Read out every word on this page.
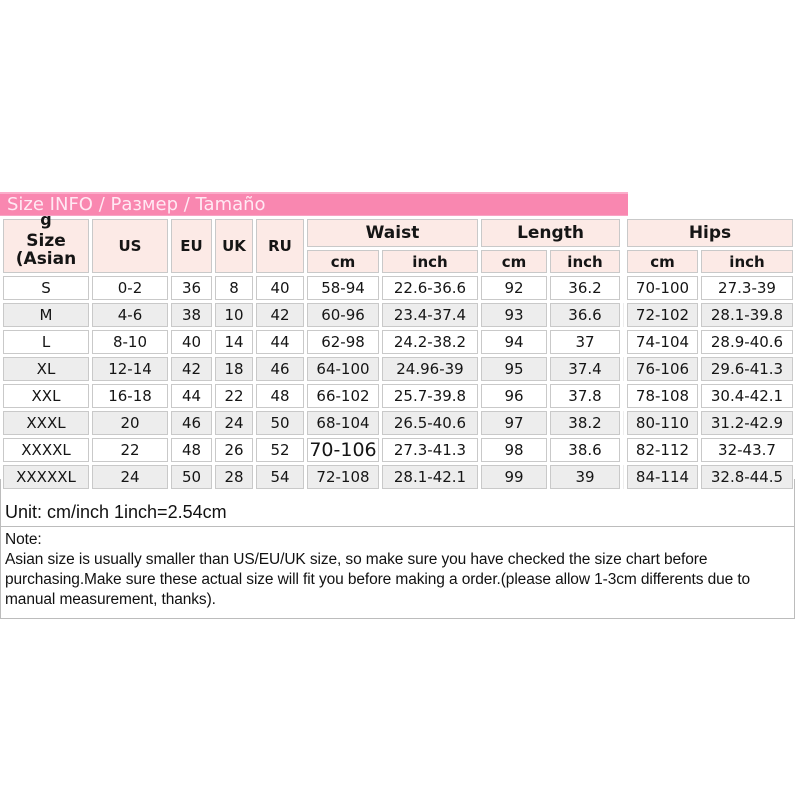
Size INFO / Размер / Tamaño
g
Size
(Asian	US	EU	UK	RU	Waist		Length			Hips	
					cm	inch	cm	inch		cm	inch
S	0-2	36	8	40	58-94	22.6-36.6	92	36.2		70-100	27.3-39
M	4-6	38	10	42	60-96	23.4-37.4	93	36.6		72-102	28.1-39.8
L	8-10	40	14	44	62-98	24.2-38.2	94	37		74-104	28.9-40.6
XL	12-14	42	18	46	64-100	24.96-39	95	37.4		76-106	29.6-41.3
XXL	16-18	44	22	48	66-102	25.7-39.8	96	37.8		78-108	30.4-42.1
XXXL	20	46	24	50	68-104	26.5-40.6	97	38.2		80-110	31.2-42.9
XXXXL	22	48	26	52	70-106	27.3-41.3	98	38.6		82-112	32-43.7
XXXXXL	24	50	28	54	72-108	28.1-42.1	99	39		84-114	32.8-44.5
Unit: cm/inch 1inch=2.54cm
Note:
Asian size is usually smaller than US/EU/UK size, so make sure you have checked the size chart before purchasing.Make sure these actual size will fit you before making a order.(please allow 1-3cm differents due to manual measurement, thanks).
